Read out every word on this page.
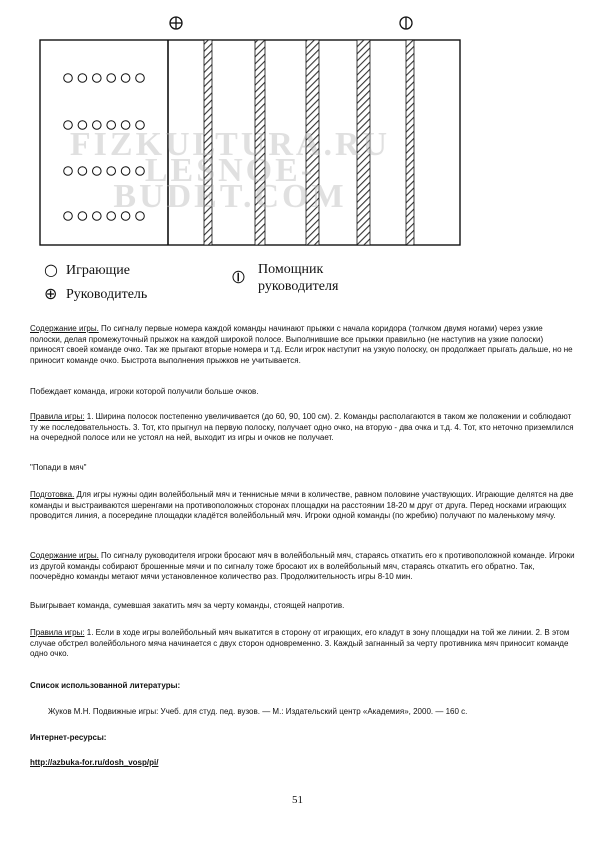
FIZKULTURA.RU
LESNOE-BUDET.COM
○ Играющие
⊕ Руководитель
⦶ Помощник
руководителя

Содержание игры. По сигналу первые номера каждой команды начинают прыжки с начала коридора (толчком двумя ногами) через узкие полоски, делая промежуточный прыжок на каждой широкой полосе. Выполнившие все прыжки правильно (не наступив на узкие полоски) приносят своей команде очко. Так же прыгают вторые номера и т.д. Если игрок наступит на узкую полоску, он продолжает прыгать дальше, но не приносит команде очко. Быстрота выполнения прыжков не учитывается.

Побеждает команда, игроки которой получили больше очков.

Правила игры: 1. Ширина полосок постепенно увеличивается (до 60, 90, 100 см). 2. Команды располагаются в таком же положении и соблюдают ту же последовательность. 3. Тот, кто прыгнул на первую полоску, получает одно очко, на вторую - два очка и т.д. 4. Тот, кто неточно приземлился на очередной полосе или не устоял на ней, выходит из игры и очков не получает.

"Попади в мяч"

Подготовка. Для игры нужны один волейбольный мяч и теннисные мячи в количестве, равном половине участвующих. Играющие делятся на две команды и выстраиваются шеренгами на противоположных сторонах площадки на расстоянии 18-20 м друг от друга. Перед носками играющих проводится линия, а посередине площадки кладётся волейбольный мяч. Игроки одной команды (по жребию) получают по маленькому мячу.

Содержание игры. По сигналу руководителя игроки бросают мяч в волейбольный мяч, стараясь откатить его к противоположной команде. Игроки из другой команды собирают брошенные мячи и по сигналу тоже бросают их в волейбольный мяч, стараясь откатить его обратно. Так, поочерёдно команды метают мячи установленное количество раз. Продолжительность игры 8-10 мин.

Выигрывает команда, сумевшая закатить мяч за черту команды, стоящей напротив.

Правила игры: 1. Если в ходе игры волейбольный мяч выкатится в сторону от играющих, его кладут в зону площадки на той же линии. 2. В этом случае обстрел волейбольного мяча начинается с двух сторон одновременно. 3. Каждый загнанный за черту противника мяч приносит команде одно очко.

Список использованной литературы:

Жуков М.Н. Подвижные игры: Учеб. для студ. пед. вузов. — М.: Издательский центр «Академия», 2000. — 160 с.

Интернет-ресурсы:

http://azbuka-for.ru/dosh_vosp/pi/

51
